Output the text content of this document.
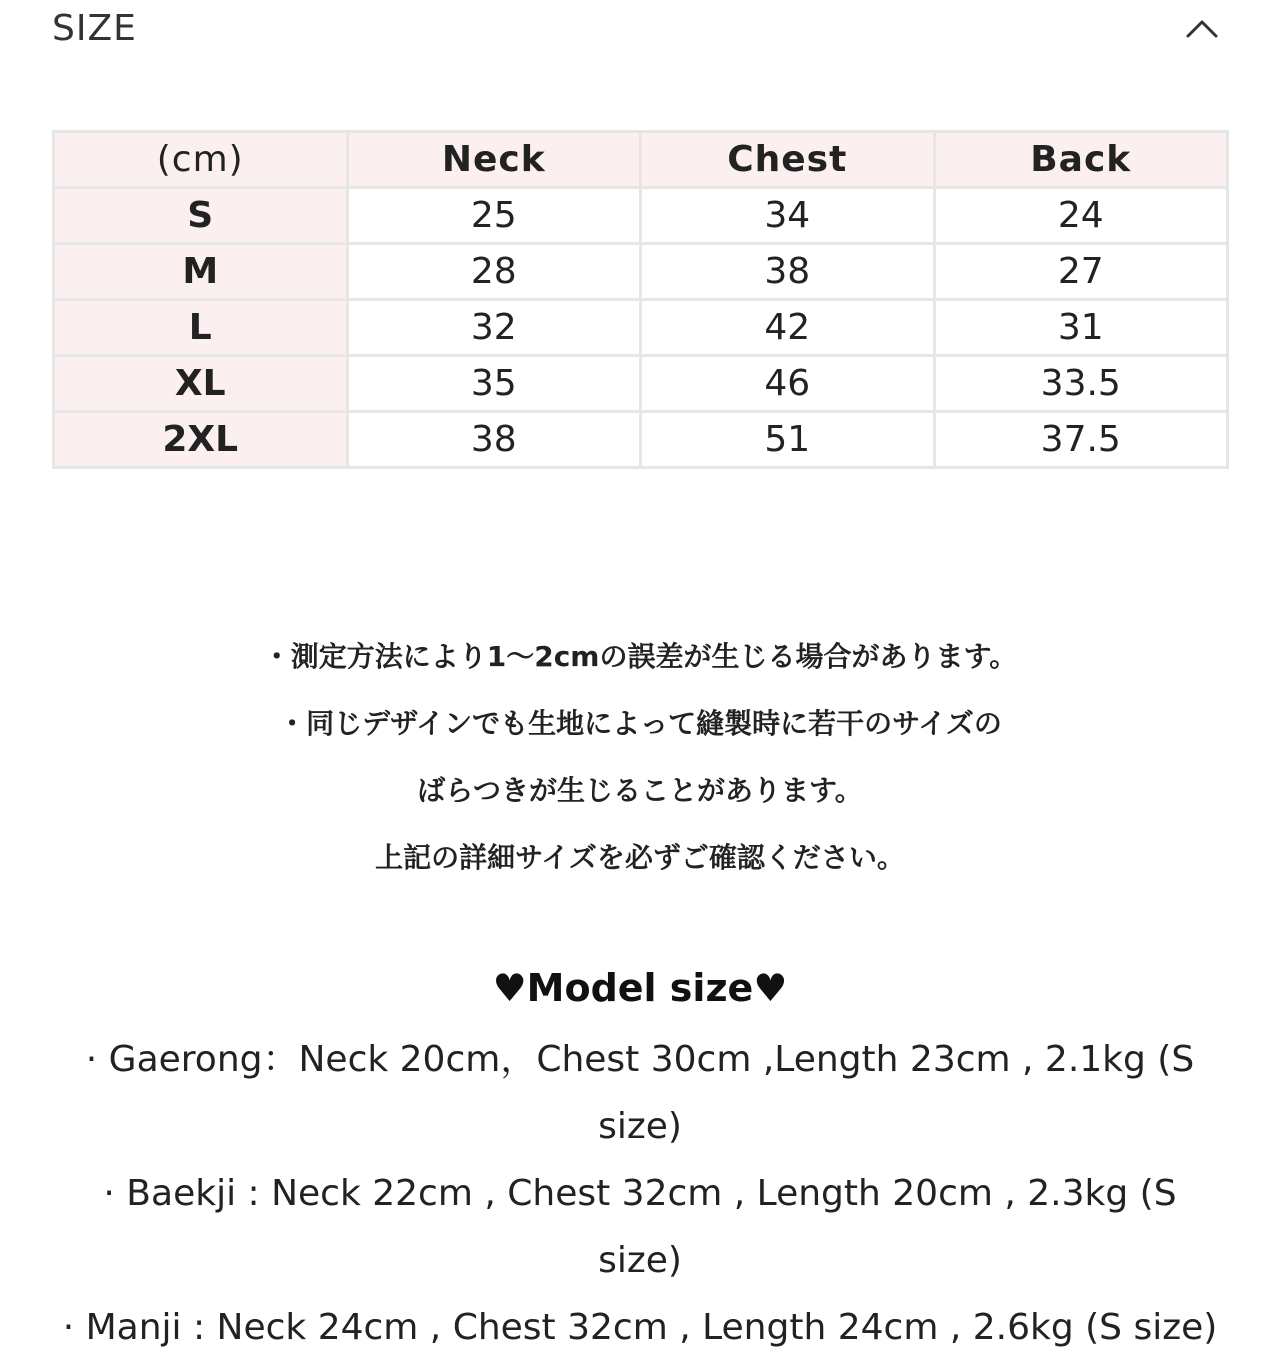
SIZE
(cm)	Neck	Chest	Back
S	25	34	24
M	28	38	27
L	32	42	31
XL	35	46	33.5
2XL	38	51	37.5
・測定方法により1～2cmの誤差が生じる場合があります。
・同じデザインでも生地によって縫製時に若干のサイズの
ばらつきが生じることがあります。
上記の詳細サイズを必ずご確認ください。
♥Model size♥
· Gaerong：Neck 20cm，Chest 30cm ,Length 23cm , 2.1kg (S size)
· Baekji : Neck 22cm , Chest 32cm , Length 20cm , 2.3kg (S size)
· Manji : Neck 24cm , Chest 32cm , Length 24cm , 2.6kg (S size)
